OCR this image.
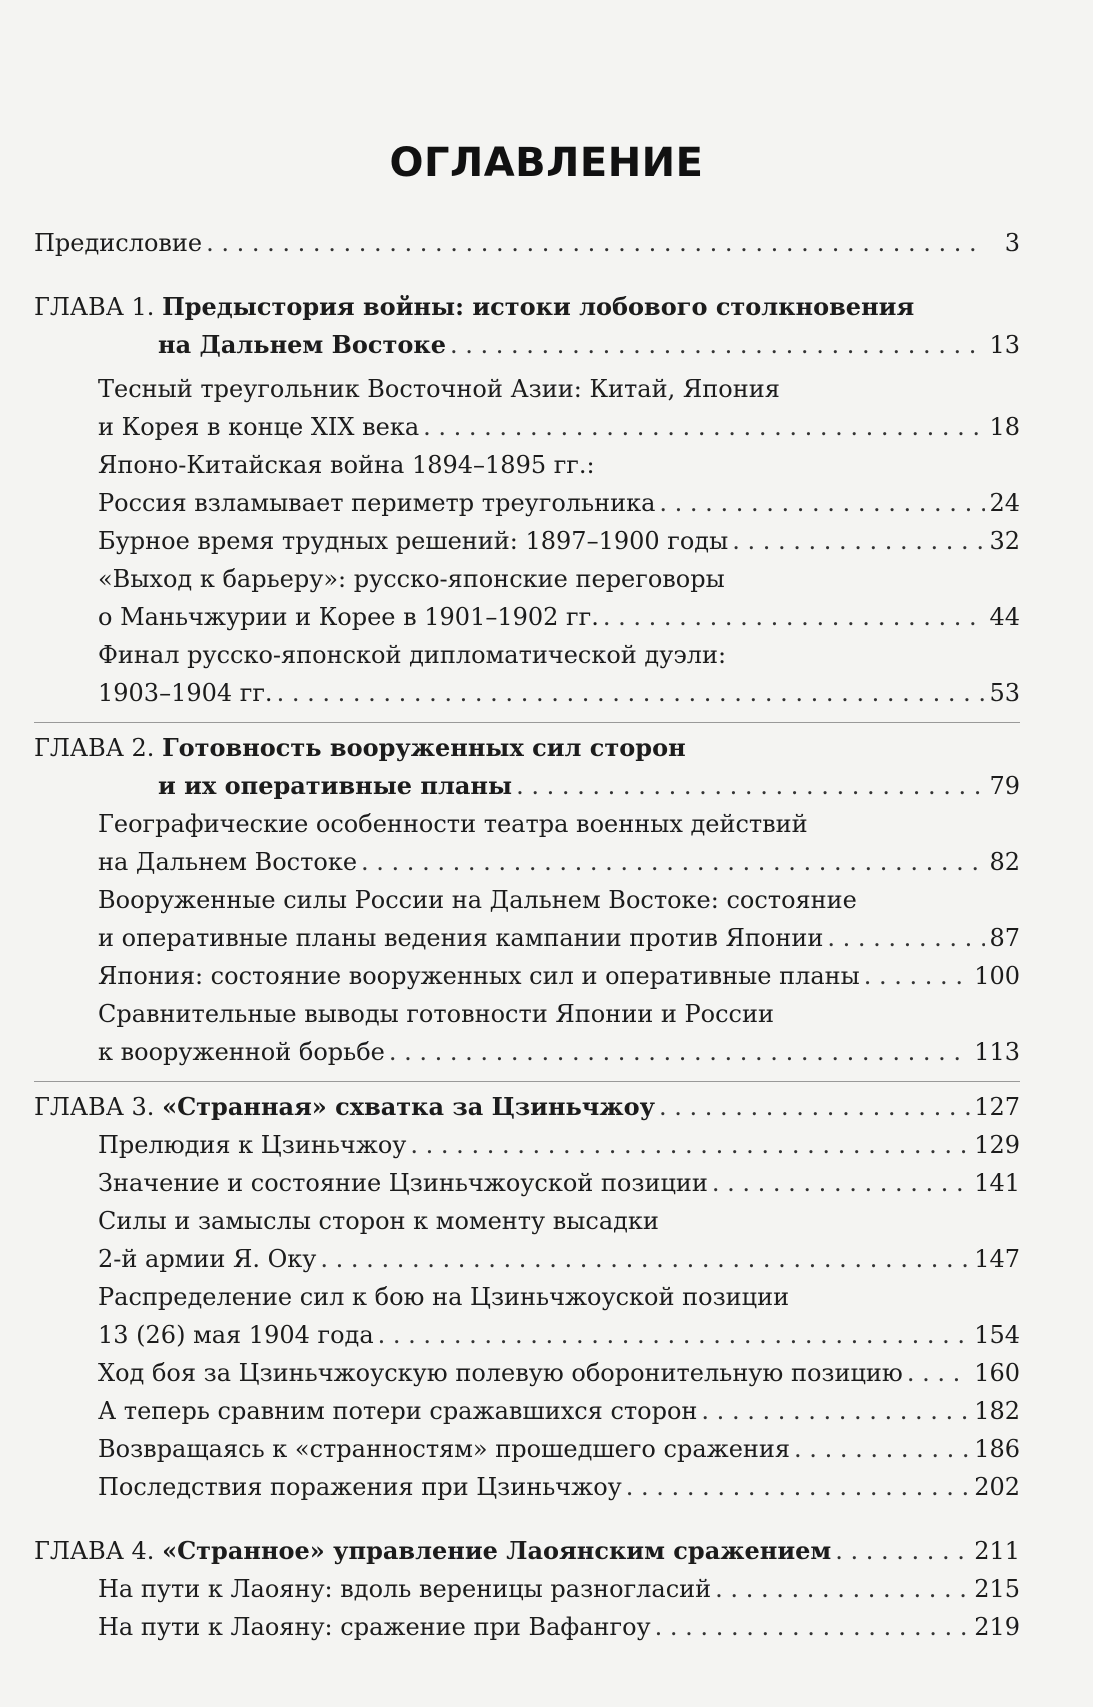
ОГЛАВЛЕНИЕ
Предисловие . . .	3
ГЛАВА 1. Предыстория войны: истоки лобового столкновения
на Дальнем Востоке . . .	13
Тесный треугольник Восточной Азии: Китай, Япония
и Корея в конце XIX века . . .	18
Японо-Китайская война 1894–1895 гг.:
Россия взламывает периметр треугольника . . .	24
Бурное время трудных решений: 1897–1900 годы . . .	32
«Выход к барьеру»: русско-японские переговоры
о Маньчжурии и Корее в 1901–1902 гг. . . .	44
Финал русско-японской дипломатической дуэли:
1903–1904 гг. . . .	53
ГЛАВА 2. Готовность вооруженных сил сторон
и их оперативные планы . . .	79
Географические особенности театра военных действий
на Дальнем Востоке . . .	82
Вооруженные силы России на Дальнем Востоке: состояние
и оперативные планы ведения кампании против Японии . . .	87
Япония: состояние вооруженных сил и оперативные планы . . .	100
Сравнительные выводы готовности Японии и России
к вооруженной борьбе . . .	113
ГЛАВА 3. «Странная» схватка за Цзиньчжоу . . .	127
Прелюдия к Цзиньчжоу . . .	129
Значение и состояние Цзиньчжоуской позиции . . .	141
Силы и замыслы сторон к моменту высадки
2-й армии Я. Оку . . .	147
Распределение сил к бою на Цзиньчжоуской позиции
13 (26) мая 1904 года . . .	154
Ход боя за Цзиньчжоускую полевую оборонительную позицию . . .	160
А теперь сравним потери сражавшихся сторон . . .	182
Возвращаясь к «странностям» прошедшего сражения . . .	186
Последствия поражения при Цзиньчжоу . . .	202
ГЛАВА 4. «Странное» управление Лаоянским сражением . . .	211
На пути к Лаояну: вдоль вереницы разногласий . . .	215
На пути к Лаояну: сражение при Вафангоу . . .	219
